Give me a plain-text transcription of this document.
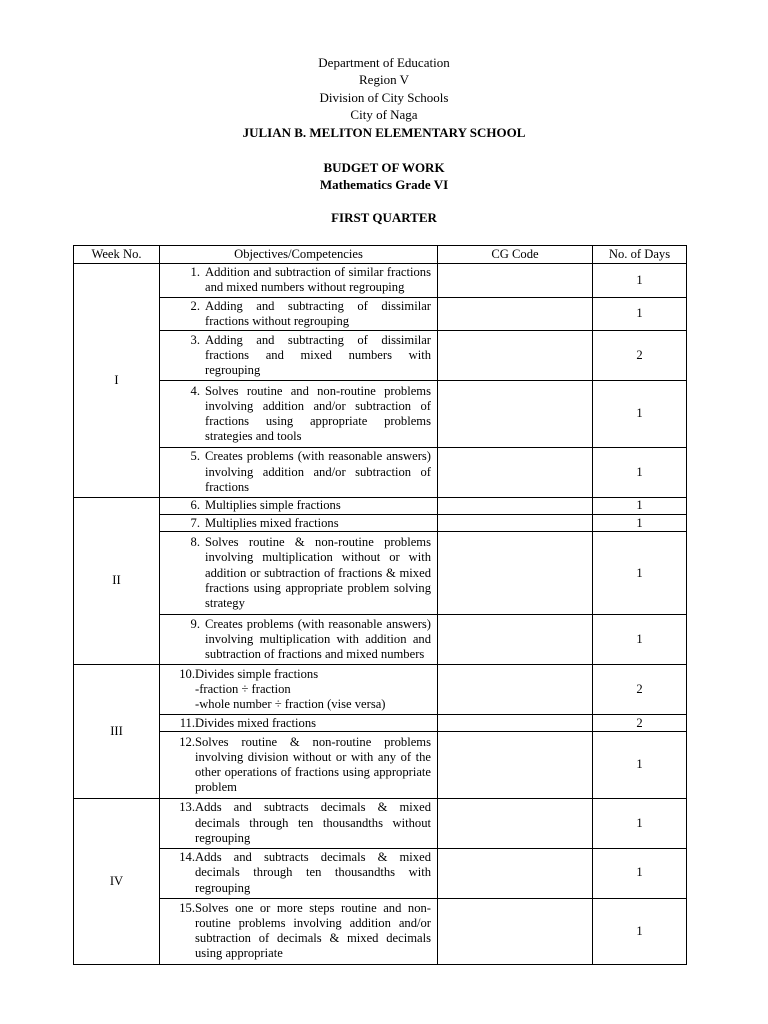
Department of Education
Region V
Division of City Schools
City of Naga
JULIAN B. MELITON ELEMENTARY SCHOOL
BUDGET OF WORK
Mathematics Grade VI
FIRST QUARTER
Week No.	Objectives/Competencies	CG Code	No. of Days
I	1. Addition and subtraction of similar fractions and mixed numbers without regrouping		1

	2. Adding and subtracting of dissimilar fractions without regrouping		1

	3. Adding and subtracting of dissimilar fractions and mixed numbers with regrouping		2

	4. Solves routine and non-routine problems involving addition and/or subtraction of fractions using appropriate problems strategies and tools		1

	5. Creates problems (with reasonable answers) involving addition and/or subtraction of fractions		1
II	6. Multiplies simple fractions		1

	7. Multiplies mixed fractions		1

	8. Solves routine & non-routine problems involving multiplication without or with addition or subtraction of fractions & mixed fractions using appropriate problem solving strategy		1

	9. Creates problems (with reasonable answers) involving multiplication with addition and subtraction of fractions and mixed numbers		1
III	10. Divides simple fractions
-fraction ÷ fraction
-whole number ÷ fraction (vise versa)		2

	11. Divides mixed fractions		2

	12. Solves routine & non-routine problems involving division without or with any of the other operations of fractions using appropriate problem		1
IV	13. Adds and subtracts decimals & mixed decimals through ten thousandths without regrouping		1

	14. Adds and subtracts decimals & mixed decimals through ten thousandths with regrouping		1

	15. Solves one or more steps routine and non-routine problems involving addition and/or subtraction of decimals & mixed decimals using appropriate		1
